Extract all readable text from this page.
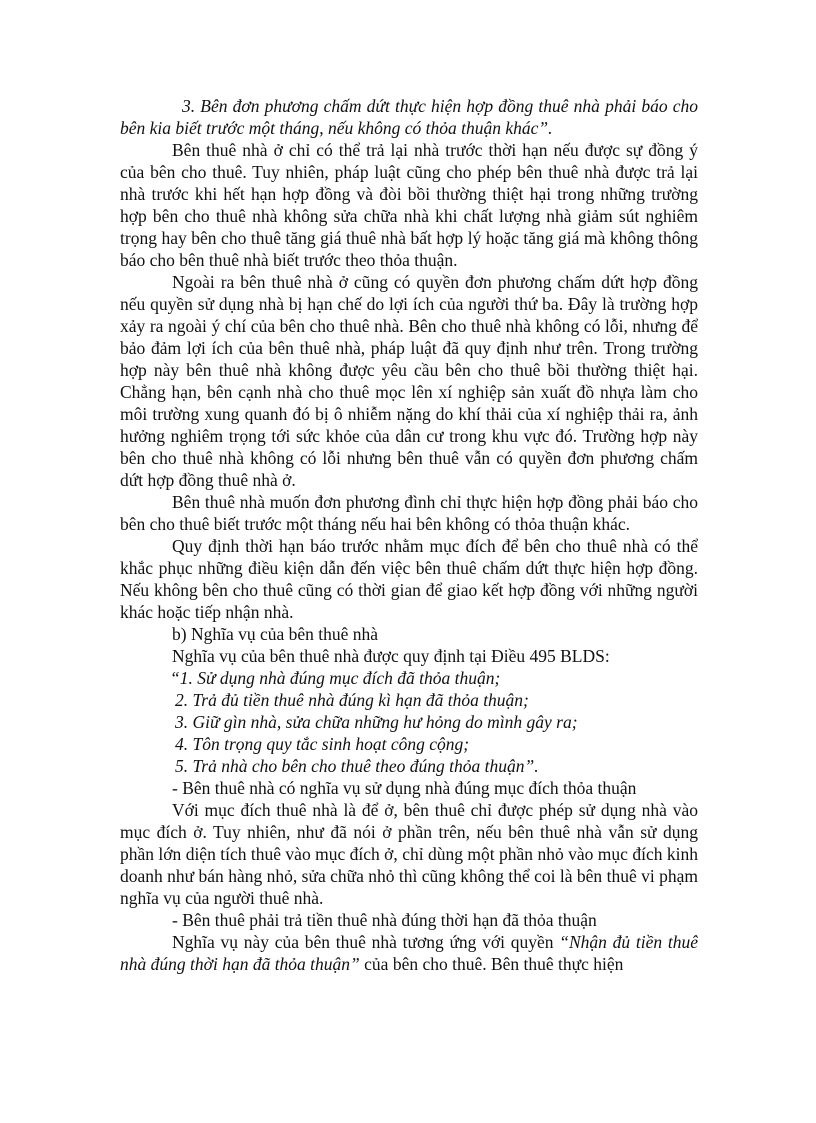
3. Bên đơn phương chấm dứt thực hiện hợp đồng thuê nhà phải báo cho bên kia biết trước một tháng, nếu không có thỏa thuận khác”.

Bên thuê nhà ở chỉ có thể trả lại nhà trước thời hạn nếu được sự đồng ý của bên cho thuê. Tuy nhiên, pháp luật cũng cho phép bên thuê nhà được trả lại nhà trước khi hết hạn hợp đồng và đòi bồi thường thiệt hại trong những trường hợp bên cho thuê nhà không sửa chữa nhà khi chất lượng nhà giảm sút nghiêm trọng hay bên cho thuê tăng giá thuê nhà bất hợp lý hoặc tăng giá mà không thông báo cho bên thuê nhà biết trước theo thỏa thuận.

Ngoài ra bên thuê nhà ở cũng có quyền đơn phương chấm dứt hợp đồng nếu quyền sử dụng nhà bị hạn chế do lợi ích của người thứ ba. Đây là trường hợp xảy ra ngoài ý chí của bên cho thuê nhà. Bên cho thuê nhà không có lỗi, nhưng để bảo đảm lợi ích của bên thuê nhà, pháp luật đã quy định như trên. Trong trường hợp này bên thuê nhà không được yêu cầu bên cho thuê bồi thường thiệt hại. Chẳng hạn, bên cạnh nhà cho thuê mọc lên xí nghiệp sản xuất đồ nhựa làm cho môi trường xung quanh đó bị ô nhiễm nặng do khí thải của xí nghiệp thải ra, ảnh hưởng nghiêm trọng tới sức khỏe của dân cư trong khu vực đó. Trường hợp này bên cho thuê nhà không có lỗi nhưng bên thuê vẫn có quyền đơn phương chấm dứt hợp đồng thuê nhà ở.

Bên thuê nhà muốn đơn phương đình chỉ thực hiện hợp đồng phải báo cho bên cho thuê biết trước một tháng nếu hai bên không có thỏa thuận khác.

Quy định thời hạn báo trước nhằm mục đích để bên cho thuê nhà có thể khắc phục những điều kiện dẫn đến việc bên thuê chấm dứt thực hiện hợp đồng. Nếu không bên cho thuê cũng có thời gian để giao kết hợp đồng với những người khác hoặc tiếp nhận nhà.

b) Nghĩa vụ của bên thuê nhà

Nghĩa vụ của bên thuê nhà được quy định tại Điều 495 BLDS:

“1. Sử dụng nhà đúng mục đích đã thỏa thuận;

2. Trả đủ tiền thuê nhà đúng kì hạn đã thỏa thuận;

3. Giữ gìn nhà, sửa chữa những hư hỏng do mình gây ra;

4. Tôn trọng quy tắc sinh hoạt công cộng;

5. Trả nhà cho bên cho thuê theo đúng thỏa thuận”.

- Bên thuê nhà có nghĩa vụ sử dụng nhà đúng mục đích thỏa thuận

Với mục đích thuê nhà là để ở, bên thuê chỉ được phép sử dụng nhà vào mục đích ở. Tuy nhiên, như đã nói ở phần trên, nếu bên thuê nhà vẫn sử dụng phần lớn diện tích thuê vào mục đích ở, chỉ dùng một phần nhỏ vào mục đích kinh doanh như bán hàng nhỏ, sửa chữa nhỏ thì cũng không thể coi là bên thuê vi phạm nghĩa vụ của người thuê nhà.

- Bên thuê phải trả tiền thuê nhà đúng thời hạn đã thỏa thuận

Nghĩa vụ này của bên thuê nhà tương ứng với quyền “Nhận đủ tiền thuê nhà đúng thời hạn đã thỏa thuận” của bên cho thuê. Bên thuê thực hiện
